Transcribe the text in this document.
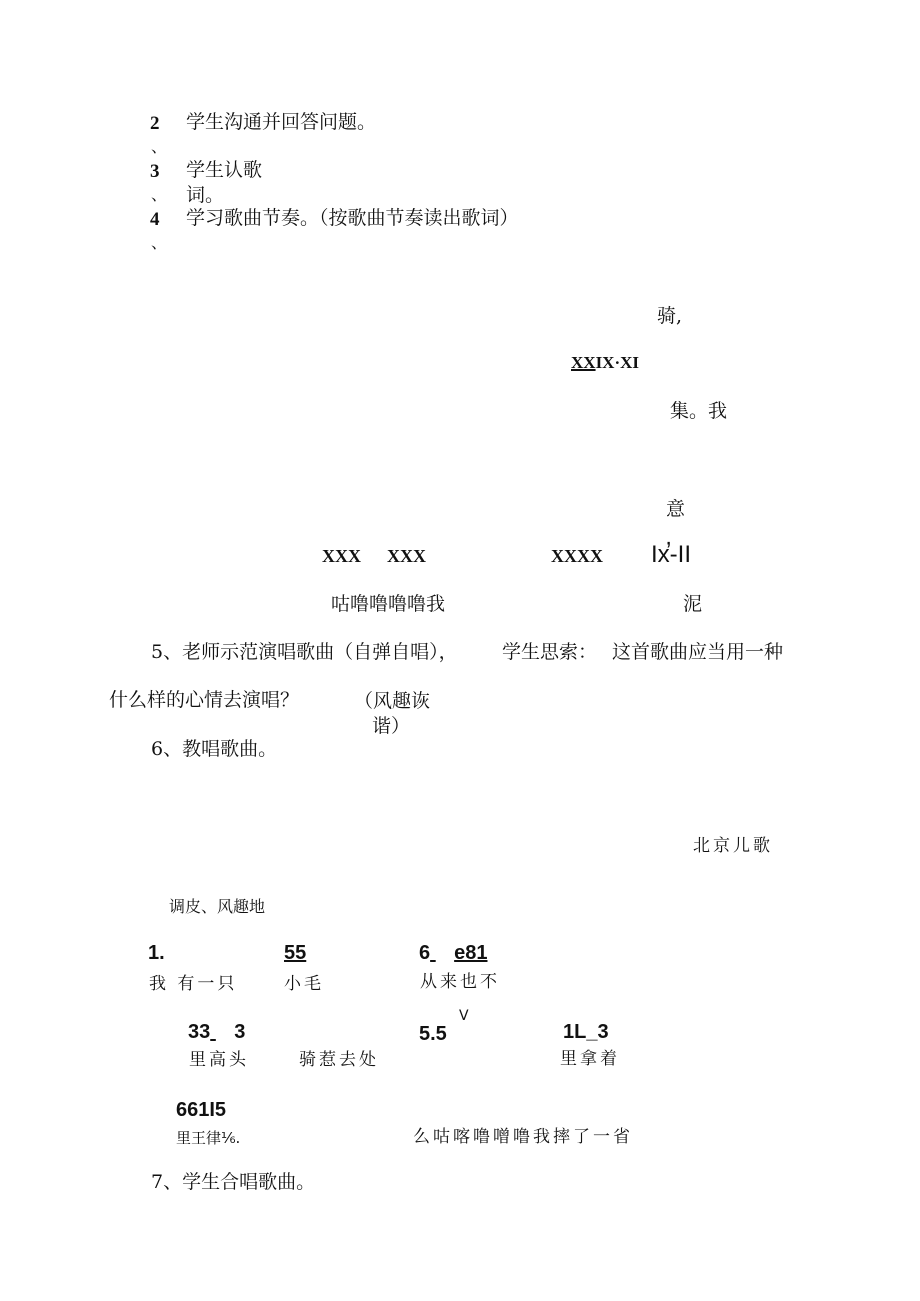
2 学生沟通并回答问题。
、
3 学生认歌
、 词。
4 学习歌曲节奏。（按歌曲节奏读出歌词）
、
骑,
XXIX·XI
集。我
意
XXX XXX	XXXX Ix̕-II
咕噜噜噜噜我	泥
5、老师示范演唱歌曲（自弹自唱）， 学生思索： 这首歌曲应当用一种
什么样的心情去演唱？	（风趣诙
谐）
6、教唱歌曲。
北京儿歌
调皮、风趣地
1.	55	6 e81
我 有一只	小毛	从来也不
V
33 3	5.5	1L_3
里高头	骑惹去处	里拿着
661I5
里王律⅙.	么咕喀噜噌噜我摔了一省
7、学生合唱歌曲。
